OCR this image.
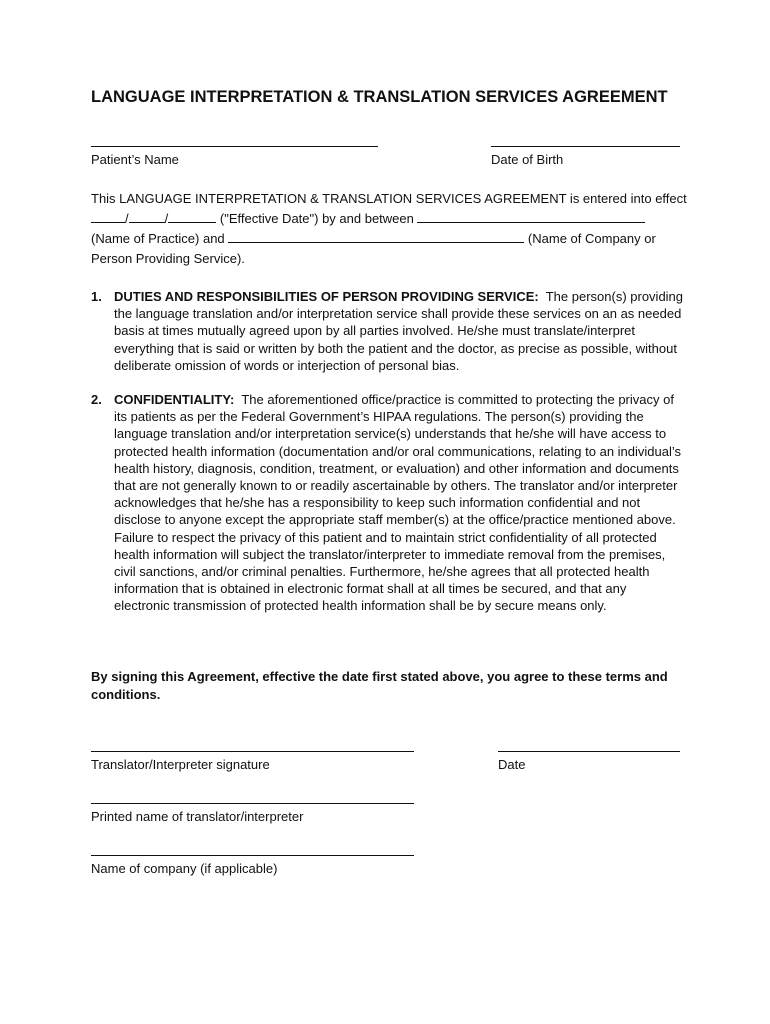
LANGUAGE INTERPRETATION & TRANSLATION SERVICES AGREEMENT
Patient’s Name	Date of Birth
This LANGUAGE INTERPRETATION & TRANSLATION SERVICES AGREEMENT is entered into effect
/	/	("Effective Date") by and between
(Name of Practice) and	(Name of Company or
Person Providing Service).
1. DUTIES AND RESPONSIBILITIES OF PERSON PROVIDING SERVICE: The person(s) providing the language translation and/or interpretation service shall provide these services on an as needed basis at times mutually agreed upon by all parties involved. He/she must translate/interpret everything that is said or written by both the patient and the doctor, as precise as possible, without deliberate omission of words or interjection of personal bias.
2. CONFIDENTIALITY: The aforementioned office/practice is committed to protecting the privacy of its patients as per the Federal Government’s HIPAA regulations. The person(s) providing the language translation and/or interpretation service(s) understands that he/she will have access to protected health information (documentation and/or oral communications, relating to an individual’s health history, diagnosis, condition, treatment, or evaluation) and other information and documents that are not generally known to or readily ascertainable by others. The translator and/or interpreter acknowledges that he/she has a responsibility to keep such information confidential and not disclose to anyone except the appropriate staff member(s) at the office/practice mentioned above. Failure to respect the privacy of this patient and to maintain strict confidentiality of all protected health information will subject the translator/interpreter to immediate removal from the premises, civil sanctions, and/or criminal penalties. Furthermore, he/she agrees that all protected health information that is obtained in electronic format shall at all times be secured, and that any electronic transmission of protected health information shall be by secure means only.
By signing this Agreement, effective the date first stated above, you agree to these terms and conditions.
Translator/Interpreter signature	Date
Printed name of translator/interpreter
Name of company (if applicable)
